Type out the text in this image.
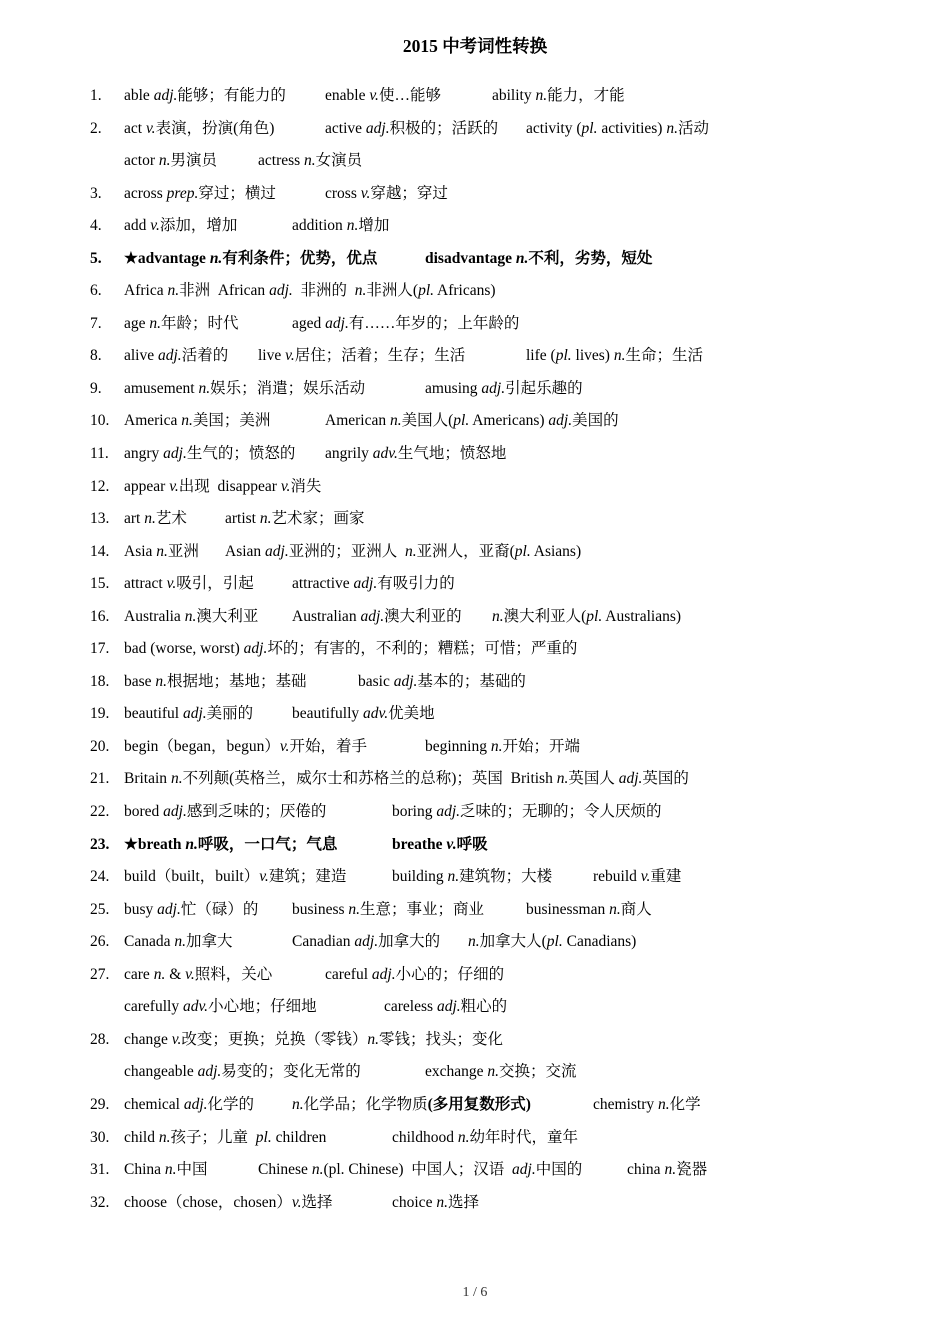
2015 中考词性转换
1. able adj.能够；有能力的	enable v.使…能够	ability n.能力，才能
2. act v.表演，扮演(角色)	active adj.积极的；活跃的 activity (pl. activities) n.活动
actor n.男演员	actress n.女演员
3. across prep.穿过；横过	cross v.穿越；穿过
4. add v.添加，增加	addition n.增加
5. ★advantage n.有利条件；优势，优点	disadvantage n.不利，劣势，短处
6. Africa n.非洲  African adj.  非洲的  n.非洲人(pl. Africans)
7. age n.年龄；时代	aged adj.有……年岁的；上年龄的
8. alive adj.活着的 live v.居住；活着；生存；生活	life (pl. lives) n.生命；生活
9. amusement n.娱乐；消遣；娱乐活动	amusing adj.引起乐趣的
10. America n.美国；美洲	American n.美国人(pl. Americans) adj.美国的
11. angry adj.生气的；愤怒的 angrily adv.生气地；愤怒地
12. appear v.出现  disappear v.消失
13. art n.艺术 artist n.艺术家；画家
14. Asia n.亚洲 Asian adj.亚洲的；亚洲人  n.亚洲人，亚裔(pl. Asians)
15. attract v.吸引，引起 attractive adj.有吸引力的
16. Australia n.澳大利亚 Australian adj.澳大利亚的 n.澳大利亚人(pl. Australians)
17. bad (worse, worst) adj.坏的；有害的，不利的；糟糕；可惜；严重的
18. base n.根据地；基地；基础	basic adj.基本的；基础的
19. beautiful adj.美丽的	beautifully adv.优美地
20. begin（began，begun）v.开始，着手	beginning n.开始；开端
21. Britain n.不列颠(英格兰，威尔士和苏格兰的总称)；英国  British n.英国人 adj.英国的
22. bored adj.感到乏味的；厌倦的	boring adj.乏味的；无聊的；令人厌烦的
23. ★breath n.呼吸，一口气；气息	breathe v.呼吸
24. build（built，built）v.建筑；建造	building n.建筑物；大楼	rebuild v.重建
25. busy adj.忙（碌）的 business n.生意；事业；商业	businessman n.商人
26. Canada n.加拿大	Canadian adj.加拿大的 n.加拿大人(pl. Canadians)
27. care n. & v.照料，关心	careful adj.小心的；仔细的
carefully adv.小心地；仔细地	careless adj.粗心的
28. change v.改变；更换；兑换（零钱）n.零钱；找头；变化
changeable adj.易变的；变化无常的	exchange n.交换；交流
29. chemical adj.化学的 n.化学品；化学物质(多用复数形式)	chemistry n.化学
30. child n.孩子；儿童  pl. children	childhood n.幼年时代，童年
31. China n.中国	Chinese n.(pl. Chinese)  中国人；汉语  adj.中国的	china n.瓷器
32. choose（chose，chosen）v.选择	choice n.选择
1 / 6
